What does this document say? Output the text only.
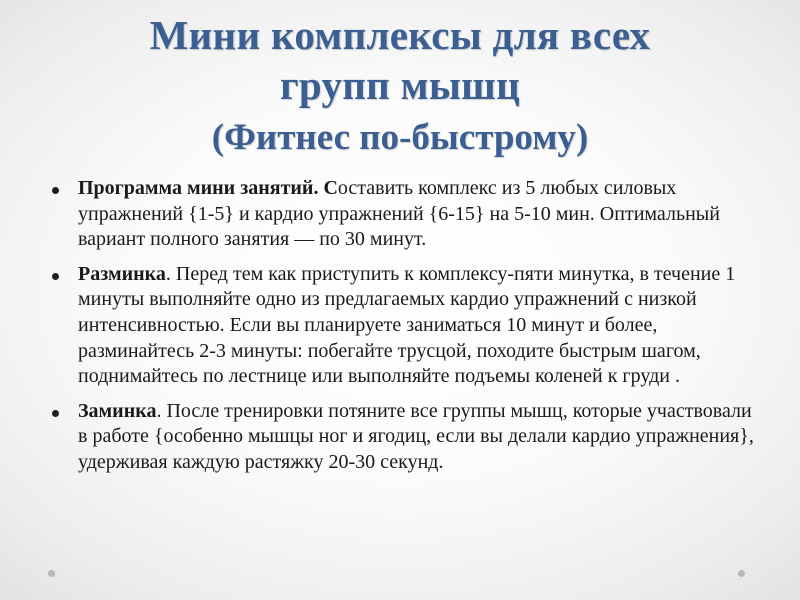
Мини комплексы для всех
групп мышц
(Фитнес по-быстрому)
Программа мини занятий. Составить комплекс из 5 любых силовых упражнений {1-5} и кардио упражнений {6-15} на 5-10 мин. Оптимальный вариант полного занятия — по 30 минут.
Разминка. Перед тем как приступить к комплексу-пяти минутка, в течение 1 минуты выполняйте одно из предлагаемых кардио упражнений с низкой интенсивностью. Если вы планируете заниматься 10 минут и более, разминайтесь 2-3 минуты: побегайте трусцой, походите быстрым шагом, поднимайтесь по лестнице или выполняйте подъемы коленей к груди .
Заминка. После тренировки потяните все группы мышц, которые участвовали в работе {особенно мышцы ног и ягодиц, если вы делали кардио упражнения}, удерживая каждую растяжку 20-30 секунд.
